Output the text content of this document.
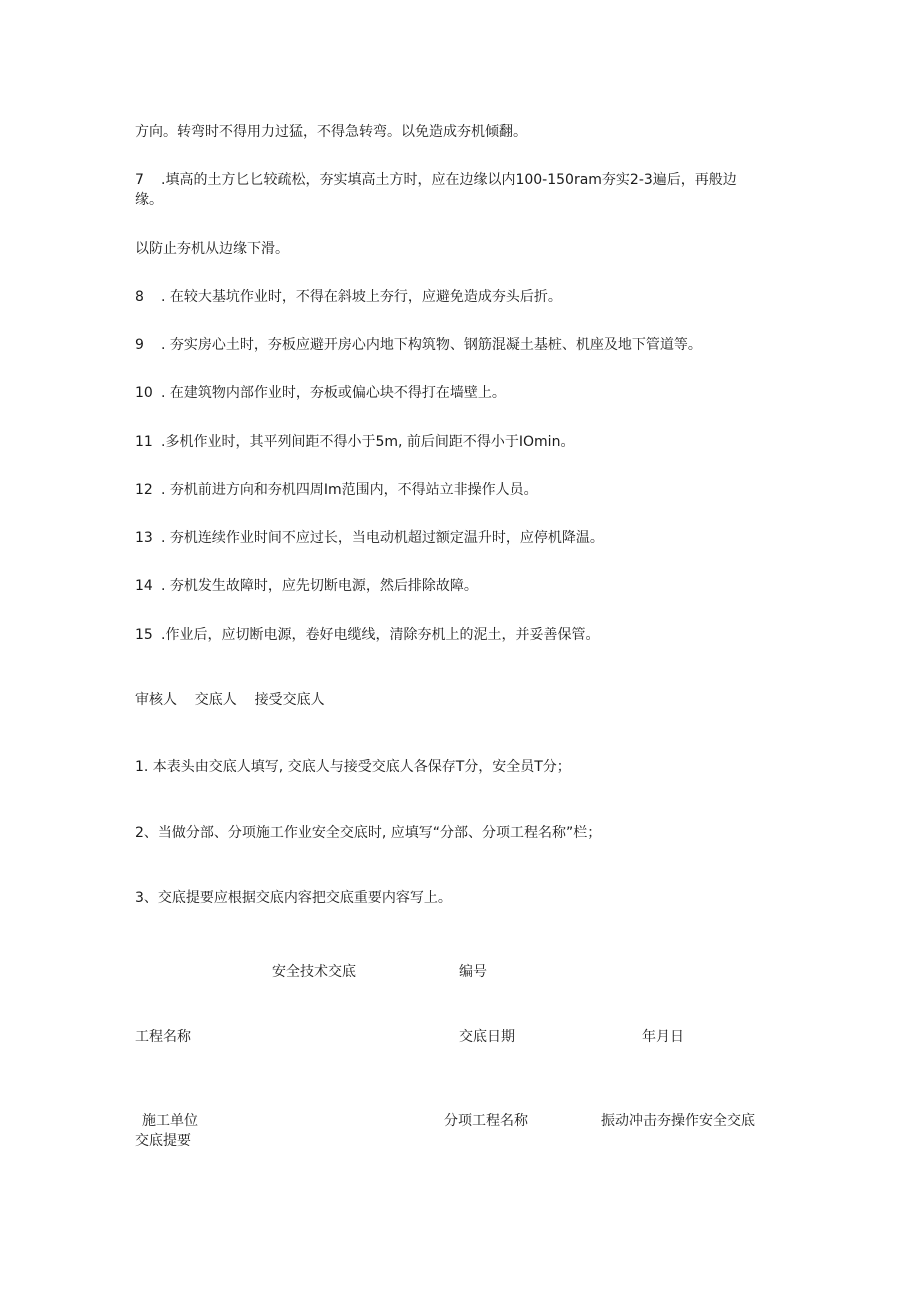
方向。转弯时不得用力过猛，不得急转弯。以免造成夯机倾翻。
7 .填高的土方匕匕较疏松，夯实填高土方时，应在边缘以内100-150ram夯实2-3遍后，再般边
缘。
以防止夯机从边缘下滑。
8 . 在较大基坑作业时，不得在斜坡上夯行，应避免造成夯头后折。
9 . 夯实房心土时，夯板应避开房心内地下构筑物、钢筋混凝土基桩、机座及地下管道等。
10 . 在建筑物内部作业时，夯板或偏心块不得打在墙壁上。
11 .多机作业时，其平列间距不得小于5m, 前后间距不得小于IOmin。
12 . 夯机前进方向和夯机四周Im范围内，不得站立非操作人员。
13 . 夯机连续作业时间不应过长，当电动机超过额定温升时，应停机降温。
14 . 夯机发生故障时，应先切断电源，然后排除故障。
15 .作业后，应切断电源，卷好电缆线，清除夯机上的泥土，并妥善保管。
审核人    交底人    接受交底人
1. 本表头由交底人填写, 交底人与接受交底人各保存T分，安全员T分；
2、当做分部、分项施工作业安全交底时, 应填写“分部、分项工程名称”栏；
3、交底提要应根据交底内容把交底重要内容写上。
安全技术交底	编号
工程名称	交底日期	年月日
施工单位	分项工程名称	振动冲击夯操作安全交底
交底提要
